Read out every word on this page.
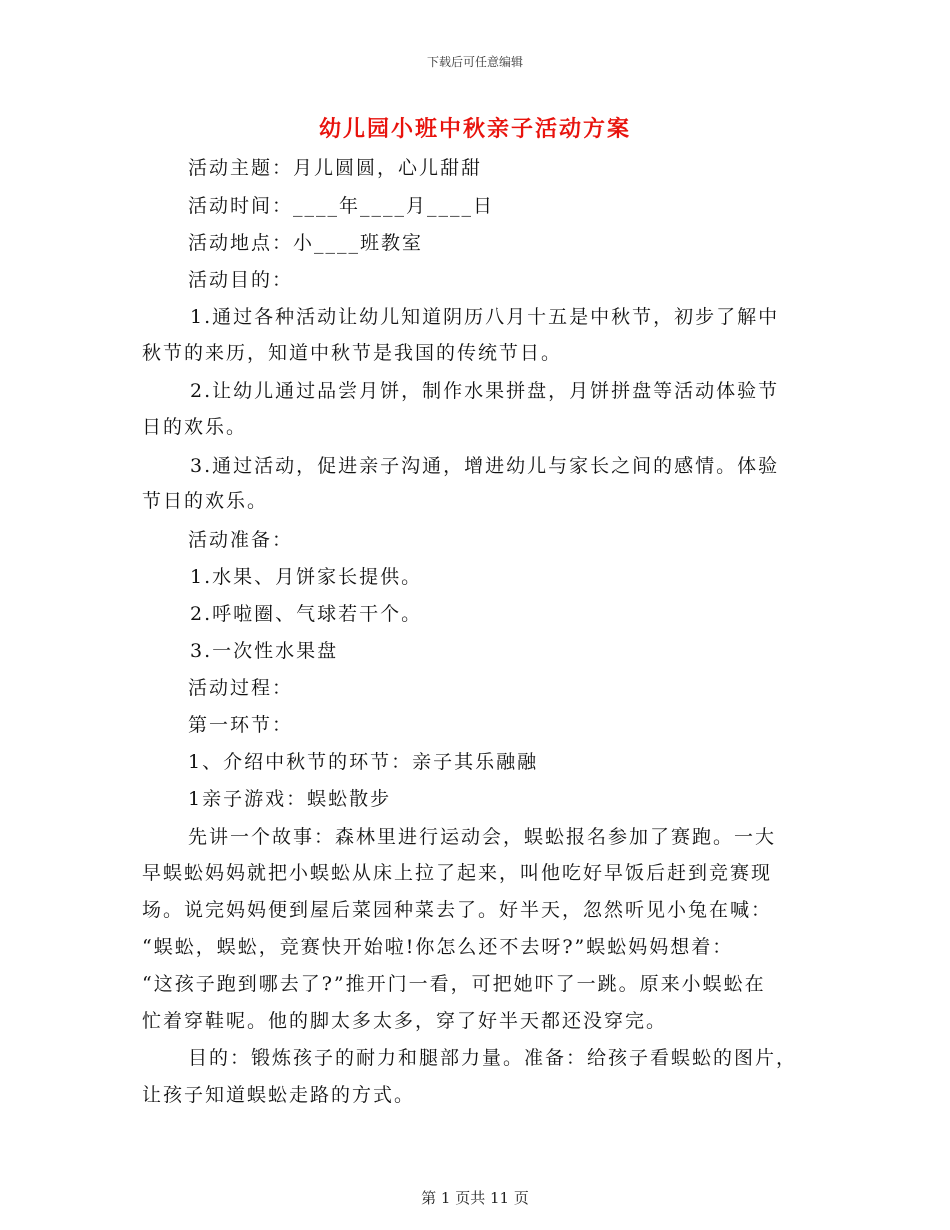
下载后可任意编辑
幼儿园小班中秋亲子活动方案
活动主题：月儿圆圆，心儿甜甜
活动时间：____年____月____日
活动地点：小____班教室
活动目的：
1.通过各种活动让幼儿知道阴历八月十五是中秋节，初步了解中
秋节的来历，知道中秋节是我国的传统节日。
2.让幼儿通过品尝月饼，制作水果拼盘，月饼拼盘等活动体验节
日的欢乐。
3.通过活动，促进亲子沟通，增进幼儿与家长之间的感情。体验
节日的欢乐。
活动准备：
1.水果、月饼家长提供。
2.呼啦圈、气球若干个。
3.一次性水果盘
活动过程：
第一环节：
1、介绍中秋节的环节：亲子其乐融融
1亲子游戏：蜈蚣散步
先讲一个故事：森林里进行运动会，蜈蚣报名参加了赛跑。一大
早蜈蚣妈妈就把小蜈蚣从床上拉了起来，叫他吃好早饭后赶到竞赛现
场。说完妈妈便到屋后菜园种菜去了。好半天，忽然听见小兔在喊：
“蜈蚣，蜈蚣，竞赛快开始啦!你怎么还不去呀?”蜈蚣妈妈想着：
“这孩子跑到哪去了?”推开门一看，可把她吓了一跳。原来小蜈蚣在
忙着穿鞋呢。他的脚太多太多，穿了好半天都还没穿完。
目的：锻炼孩子的耐力和腿部力量。准备：给孩子看蜈蚣的图片，
让孩子知道蜈蚣走路的方式。
第 1 页共 11 页
